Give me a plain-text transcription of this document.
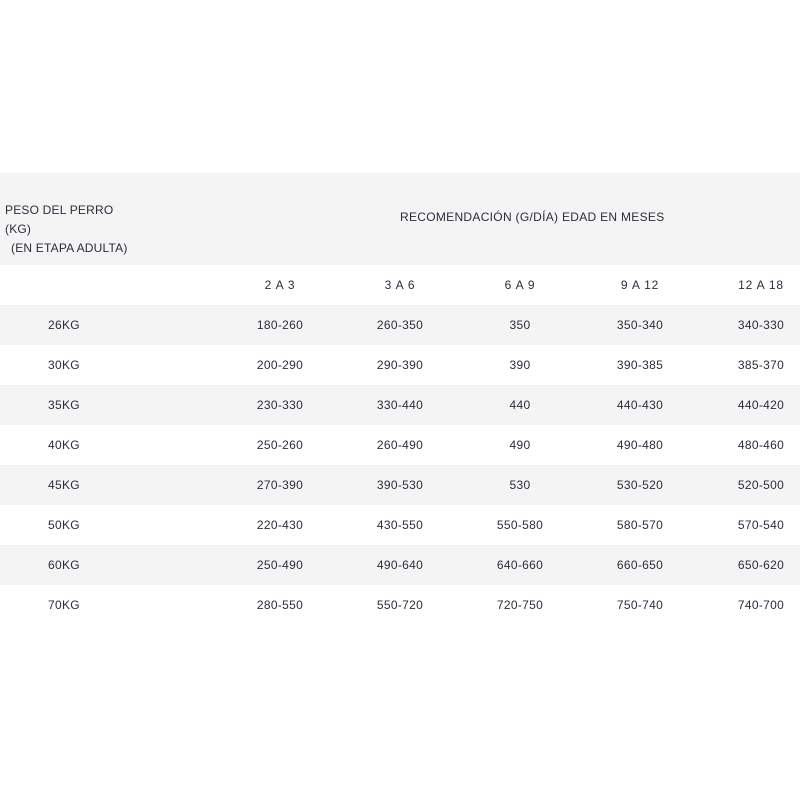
PESO DEL PERRO (KG)
(EN ETAPA ADULTA)
RECOMENDACIÓN (G/DÍA) EDAD EN MESES
2 A 3	3 A 6	6 A 9	9 A 12	12 A 18
26KG	180-260	260-350	350	350-340	340-330
30KG	200-290	290-390	390	390-385	385-370
35KG	230-330	330-440	440	440-430	440-420
40KG	250-260	260-490	490	490-480	480-460
45KG	270-390	390-530	530	530-520	520-500
50KG	220-430	430-550	550-580	580-570	570-540
60KG	250-490	490-640	640-660	660-650	650-620
70KG	280-550	550-720	720-750	750-740	740-700
